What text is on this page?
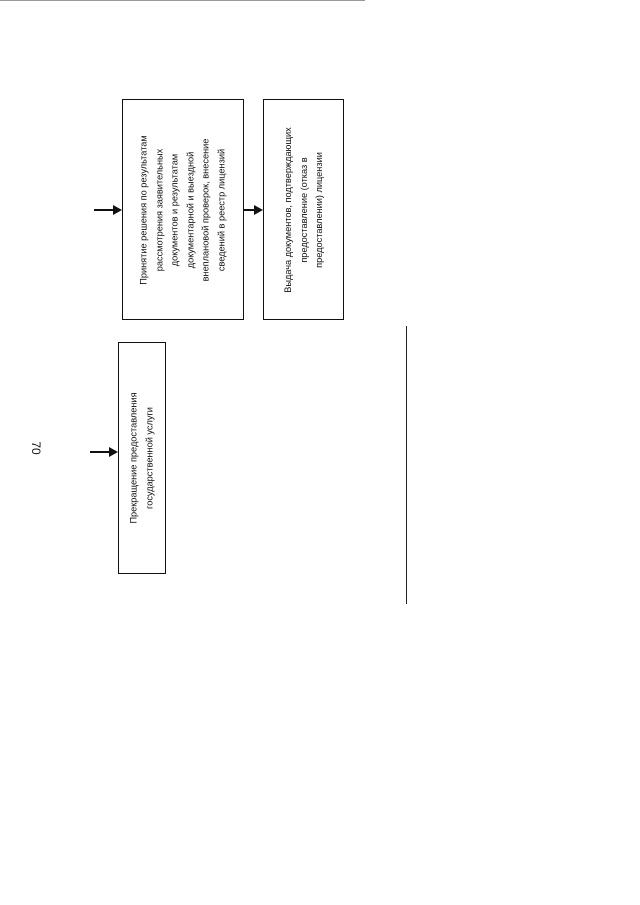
70
Прекращение предоставления
государственной услуги
Принятие решения по результатам
рассмотрения заявительных
документов и результатам
документарной и выездной
внеплановой проверок, внесение
сведений в реестр лицензий
Выдача документов, подтверждающих
предоставление (отказ в
предоставлении) лицензии
